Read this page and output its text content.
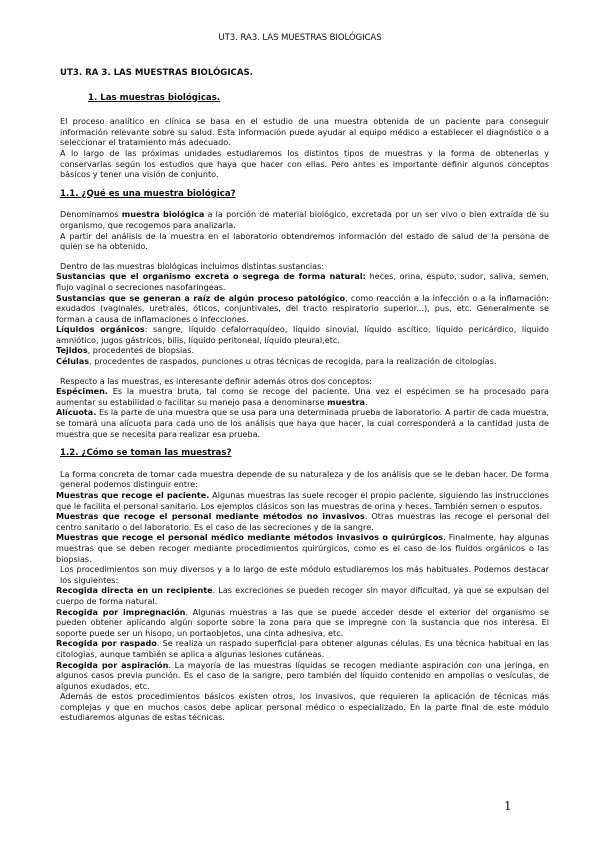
UT3. RA3. LAS MUESTRAS BIOLÓGICAS
UT3. RA 3. LAS MUESTRAS BIOLÓGICAS.
1. Las muestras biológicas.
El proceso analítico en clínica se basa en el estudio de una muestra obtenida de un paciente para conseguir información relevante sobre su salud. Esta información puede ayudar al equipo médico a establecer el diagnóstico o a seleccionar el tratamiento más adecuado.
A lo largo de las próximas unidades estudiaremos los distintos tipos de muestras y la forma de obtenerlas y conservarlas según los estudios que haya que hacer con ellas. Pero antes es importante definir algunos conceptos básicos y tener una visión de conjunto.
1.1. ¿Qué es una muestra biológica?
Denominamos muestra biológica a la porción de material biológico, excretada por un ser vivo o bien extraída de su organismo, que recogemos para analizarla.
A partir del análisis de la muestra en el laboratorio obtendremos información del estado de salud de la persona de quien se ha obtenido.
Dentro de las muestras biológicas incluimos distintas sustancias:
Sustancias que el organismo excreta o segrega de forma natural: heces, orina, esputo, sudor, saliva, semen, flujo vaginal o secreciones nasofaríngeas.
Sustancias que se generan a raíz de algún proceso patológico, como reacción a la infección o a la inflamación: exudados (vaginales, uretrales, óticos, conjuntivales, del tracto respiratorio superior...), pus, etc. Generalmente se forman a causa de inflamaciones o infecciones.
Líquidos orgánicos: sangre, líquido cefalorraquídeo, líquido sinovial, líquido ascítico, líquido pericárdico, líquido amniótico, jugos gástricos, bilis, líquido peritoneal, líquido pleural,etc.
Tejidos, procedentes de biopsias.
Células, procedentes de raspados, punciones u otras técnicas de recogida, para la realización de citologías.
Respecto a las muestras, es interesante definir además otros dos conceptos:
Espécimen. Es la muestra bruta, tal como se recoge del paciente. Una vez el espécimen se ha procesado para aumentar su estabilidad o facilitar su manejo pasa a denominarse muestra.
Alícuota. Es la parte de una muestra que se usa para una determinada prueba de laboratorio. A partir de cada muestra, se tomará una alícuota para cada uno de los análisis que haya que hacer, la cual corresponderá a la cantidad justa de muestra que se necesita para realizar esa prueba.
1.2. ¿Cómo se toman las muestras?
La forma concreta de tomar cada muestra depende de su naturaleza y de los análisis que se le deban hacer. De forma general podemos distinguir entre:
Muestras que recoge el paciente. Algunas muestras las suele recoger el propio paciente, siguiendo las instrucciones que le facilita el personal sanitario. Los ejemplos clásicos son las muestras de orina y heces. También semen o esputos.
Muestras que recoge el personal mediante métodos no invasivos. Otras muestras las recoge el personal del centro sanitario o del laboratorio. Es el caso de las secreciones y de la sangre.
Muestras que recoge el personal médico mediante métodos invasivos o quirúrgicos. Finalmente, hay algunas muestras que se deben recoger mediante procedimientos quirúrgicos, como es el caso de los fluidos orgánicos o las biopsias.
Los procedimientos son muy diversos y a lo largo de este módulo estudiaremos los más habituales. Podemos destacar los siguientes:
Recogida directa en un recipiente. Las excreciones se pueden recoger sin mayor dificultad, ya que se expulsan del cuerpo de forma natural.
Recogida por impregnación. Algunas muestras a las que se puede acceder desde el exterior del organismo se pueden obtener aplicando algún soporte sobre la zona para que se impregne con la sustancia que nos interesa. El soporte puede ser un hisopo, un portaobjetos, una cinta adhesiva, etc.
Recogida por raspado. Se realiza un raspado superficial para obtener algunas células. Es una técnica habitual en las citologías, aunque también se aplica a algunas lesiones cutáneas.
Recogida por aspiración. La mayoría de las muestras líquidas se recogen mediante aspiración con una jeringa, en algunos casos previa punción. Es el caso de la sangre, pero también del líquido contenido en ampollas o vesículas, de algunos exudados, etc.
Además de estos procedimientos básicos existen otros, los invasivos, que requieren la aplicación de técnicas más complejas y que en muchos casos debe aplicar personal médico o especializado. En la parte final de este módulo estudiaremos algunas de estas técnicas.
1
